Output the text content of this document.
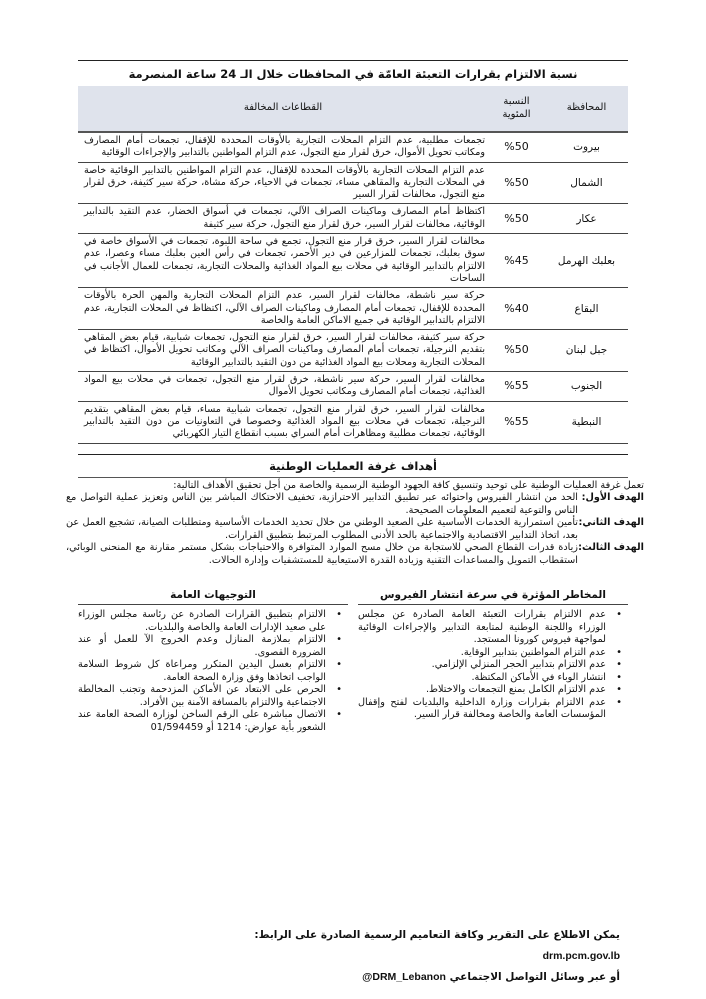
نسبة الالتزام بقرارات التعبئة العامّة في المحافظات خلال الـ 24 ساعة المنصرمة
المحافظة	النسبة المئوية	القطاعات المخالفة
بيروت	%50	تجمعات مطلبية، عدم التزام المحلات التجارية بالأوقات المحددة للإقفال، تجمعات أمام المصارف ومكاتب تحويل الأموال، خرق لقرار منع التجول، عدم التزام المواطنين بالتدابير والإجراءات الوقائية
الشمال	%50	عدم التزام المحلات التجارية بالأوقات المحددة للإقفال، عدم التزام المواطنين بالتدابير الوقائية خاصة في المحلات التجارية والمقاهي مساء، تجمعات في الاحياء، حركة مشاة، حركة سير كثيفة، خرق لقرار منع التجول، مخالفات لقرار السير
عكار	%50	اكتظاظ أمام المصارف وماكينات الصراف الآلي، تجمعات في أسواق الخضار، عدم التقيد بالتدابير الوقائية، مخالفات لقرار السير، خرق لقرار منع التجول، حركة سير كثيفة
بعلبك الهرمل	%45	مخالفات لقرار السير، خرق قرار منع التجول، تجمع في ساحة اللبوة، تجمعات في الأسواق خاصة في سوق بعلبك، تجمعات للمزارعين في دير الأحمر، تجمعات في رأس العين بعلبك مساء وعصرا، عدم الالتزام بالتدابير الوقائية في محلات بيع المواد الغذائية والمحلات التجارية، تجمعات للعمال الأجانب في الساحات
البقاع	%40	حركة سير ناشطة، مخالفات لقرار السير، عدم التزام المحلات التجارية والمهن الحرة بالأوقات المحددة للإقفال، تجمعات أمام المصارف وماكينات الصراف الآلي، اكتظاظ في المحلات التجارية، عدم الالتزام بالتدابير الوقائية في جميع الاماكن العامة والخاصة
جبل لبنان	%50	حركة سير كثيفة، مخالفات لقرار السير، خرق لقرار منع التجول، تجمعات شبابية، قيام بعض المقاهي بتقديم النرجيلة، تجمعات أمام المصارف وماكينات الصراف الآلي ومكاتب تحويل الأموال، اكتظاظ في المحلات التجارية ومحلات بيع المواد الغذائية من دون التقيد بالتدابير الوقائية
الجنوب	%55	مخالفات لقرار السير، حركة سير ناشطة، خرق لقرار منع التجول، تجمعات في محلات بيع المواد الغذائية، تجمعات أمام المصارف ومكاتب تحويل الأموال
النبطية	%55	مخالفات لقرار السير، خرق لقرار منع التجول، تجمعات شبابية مساء، قيام بعض المقاهي بتقديم النرجيلة، تجمعات في محلات بيع المواد الغذائية وخصوصا في التعاونيات من دون التقيد بالتدابير الوقائية، تجمعات مطلبية ومظاهرات أمام السراي بسبب انقطاع التيار الكهربائي
أهداف غرفة العمليات الوطنية
تعمل غرفة العمليات الوطنية على توحيد وتنسيق كافة الجهود الوطنية الرسمية والخاصة من أجل تحقيق الأهداف التالية:
الهدف الأول:
الحد من انتشار الفيروس واحتوائه عبر تطبيق التدابير الاحترازية، تخفيف الاحتكاك المباشر بين الناس وتعزيز عملية التواصل مع الناس والتوعية لتعميم المعلومات الصحيحة.
الهدف الثاني:
تأمين استمرارية الخدمات الأساسية على الصعيد الوطني من خلال تحديد الخدمات الأساسية ومتطلبات الصيانة، تشجيع العمل عن بعد، اتخاذ التدابير الاقتصادية والاجتماعية بالحد الأدنى المطلوب المرتبط بتطبيق القرارات.
الهدف الثالث:
زيادة قدرات القطاع الصحي للاستجابة من خلال مسح الموارد المتوافرة والاحتياجات بشكل مستمر مقارنة مع المنحنى الوبائي، استقطاب التمويل والمساعدات التقنية وزيادة القدرة الاستيعابية للمستشفيات وإدارة الحالات.
المخاطر المؤثرة في سرعة انتشار الفيروس
•
عدم الالتزام بقرارات التعبئة العامة الصادرة عن مجلس الوزراء واللجنة الوطنية لمتابعة التدابير والإجراءات الوقائية لمواجهة فيروس كورونا المستجد.
•
عدم التزام المواطنين بتدابير الوقاية.
•
عدم الالتزام بتدابير الحجر المنزلي الإلزامي.
•
انتشار الوباء في الأماكن المكتظة.
•
عدم الالتزام الكامل بمنع التجمعات والاختلاط.
•
عدم الالتزام بقرارات وزارة الداخلية والبلديات لفتح وإقفال المؤسسات العامة والخاصة ومخالفة قرار السير.
التوجيهات العامة
•
الالتزام بتطبيق القرارات الصادرة عن رئاسة مجلس الوزراء على صعيد الإدارات العامة والخاصة والبلديات.
•
الالتزام بملازمة المنازل وعدم الخروج الآ للعمل أو عند الضرورة القصوى.
•
الالتزام بغسل اليدين المتكرر ومراعاة كل شروط السلامة الواجب اتخاذها وفق وزارة الصحة العامة.
•
الحرص على الابتعاد عن الأماكن المزدحمة وتجنب المخالطة الاجتماعية والالتزام بالمسافة الآمنة بين الأفراد.
•
الاتصال مباشرة على الرقم الساخن لوزارة الصحة العامة عند الشعور بأية عوارض: 1214 أو 01/594459
يمكن الاطلاع على التقرير وكافة التعاميم الرسمية الصادرة على الرابط: drm.pcm.gov.lb
أو عبر وسائل التواصل الاجتماعي @DRM_Lebanon
